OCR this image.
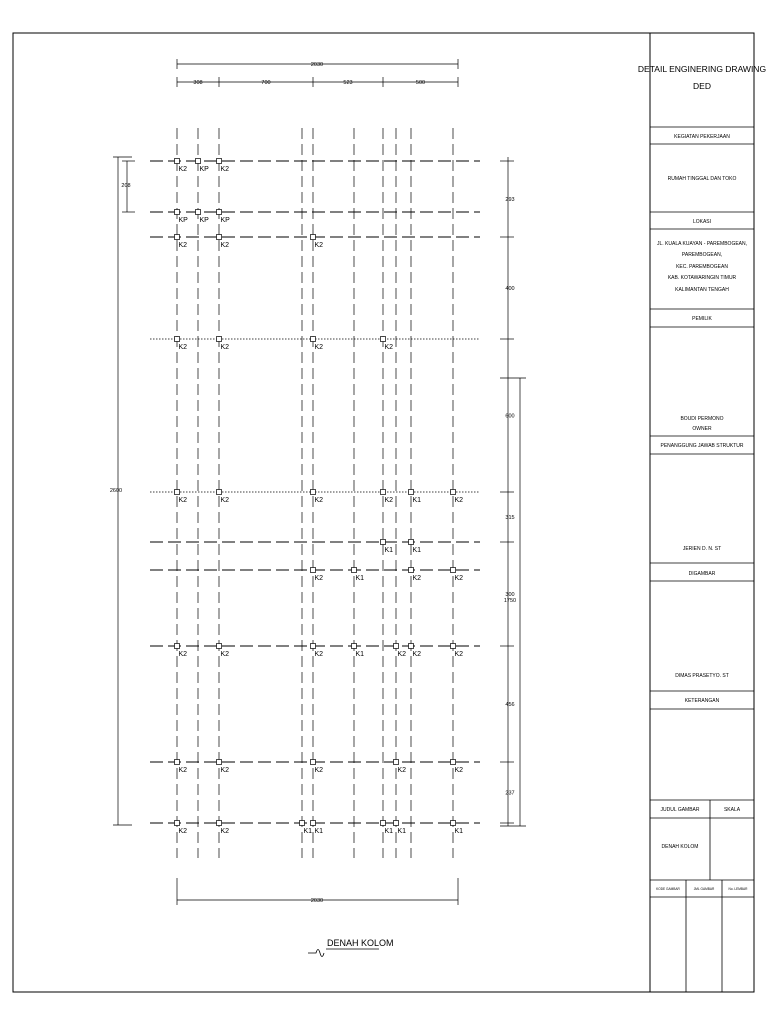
2030
308	700	523	500
2030
2600
208
293
400
600
315
300
456
237
1750
K2 KP K2
KP KP KP
K2	K2	K2
K2	K2	K2	K2
K2	K2	K2	K2	K1	K2
K1	K1
K2	K1	K2	K2
K2	K2	K2	K1	K2 K2	K2
K2	K2	K2	K2	K2
K2	K2	K1 K1	K1 K1	K1
DENAH KOLOM
DETAIL ENGINERING DRAWING
DED
KEGIATAN PEKERJAAN
RUMAH TINGGAL DAN TOKO
LOKASI
JL. KUALA KUAYAN - PAREMBOGEAN,
PAREMBOGEAN,
KEC. PAREMBOGEAN
KAB. KOTAWARINGIN TIMUR
KALIMANTAN TENGAH
PEMILIK
BOUDI PERMONO
OWNER
PENANGGUNG JAWAB STRUKTUR
JERIEN D. N. ST
DIGAMBAR
DIMAS PRASETYO. ST
KETERANGAN
JUDUL GAMBAR	SKALA
DENAH KOLOM
KODE GAMBAR	JML GAMBAR	No. LEMBAR
